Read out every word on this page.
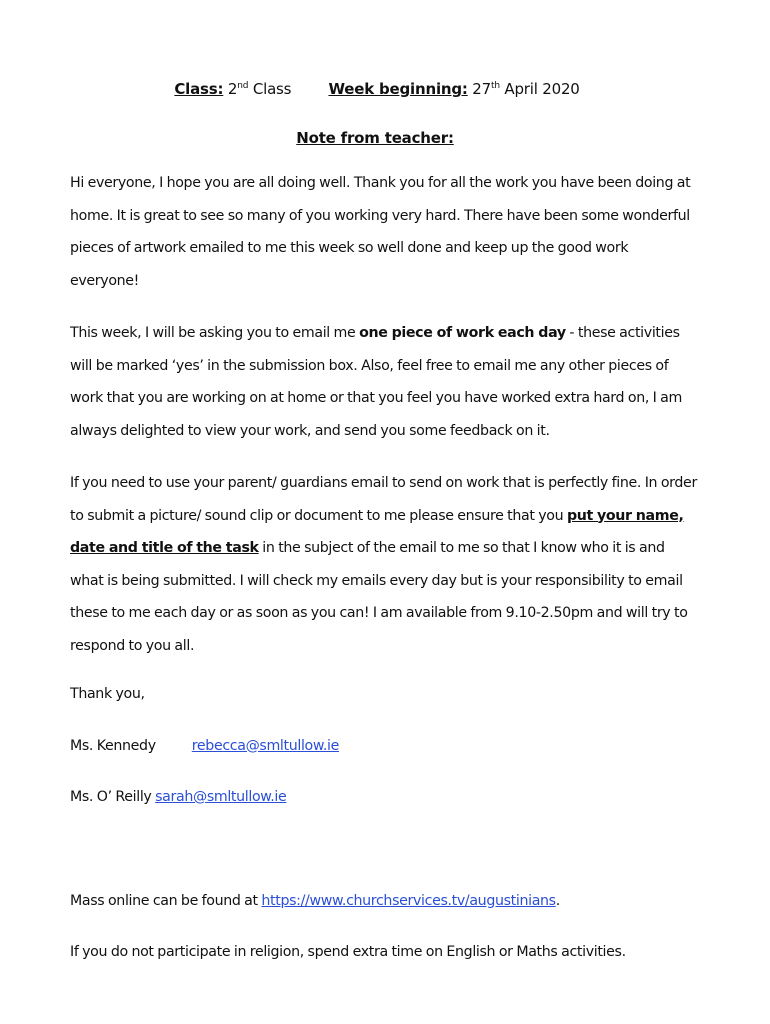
Class: 2nd Class Week beginning: 27th April 2020
Note from teacher:

Hi everyone, I hope you are all doing well. Thank you for all the work you have been doing at home. It is great to see so many of you working very hard. There have been some wonderful pieces of artwork emailed to me this week so well done and keep up the good work everyone!

This week, I will be asking you to email me one piece of work each day - these activities will be marked ‘yes’ in the submission box. Also, feel free to email me any other pieces of work that you are working on at home or that you feel you have worked extra hard on, I am always delighted to view your work, and send you some feedback on it.

If you need to use your parent/ guardians email to send on work that is perfectly fine. In order to submit a picture/ sound clip or document to me please ensure that you put your name, date and title of the task in the subject of the email to me so that I know who it is and what is being submitted. I will check my emails every day but is your responsibility to email these to me each day or as soon as you can! I am available from 9.10-2.50pm and will try to respond to you all.

Thank you,

Ms. Kennedy	rebecca@smltullow.ie

Ms. O’ Reilly sarah@smltullow.ie

Mass online can be found at https://www.churchservices.tv/augustinians.

If you do not participate in religion, spend extra time on English or Maths activities.
